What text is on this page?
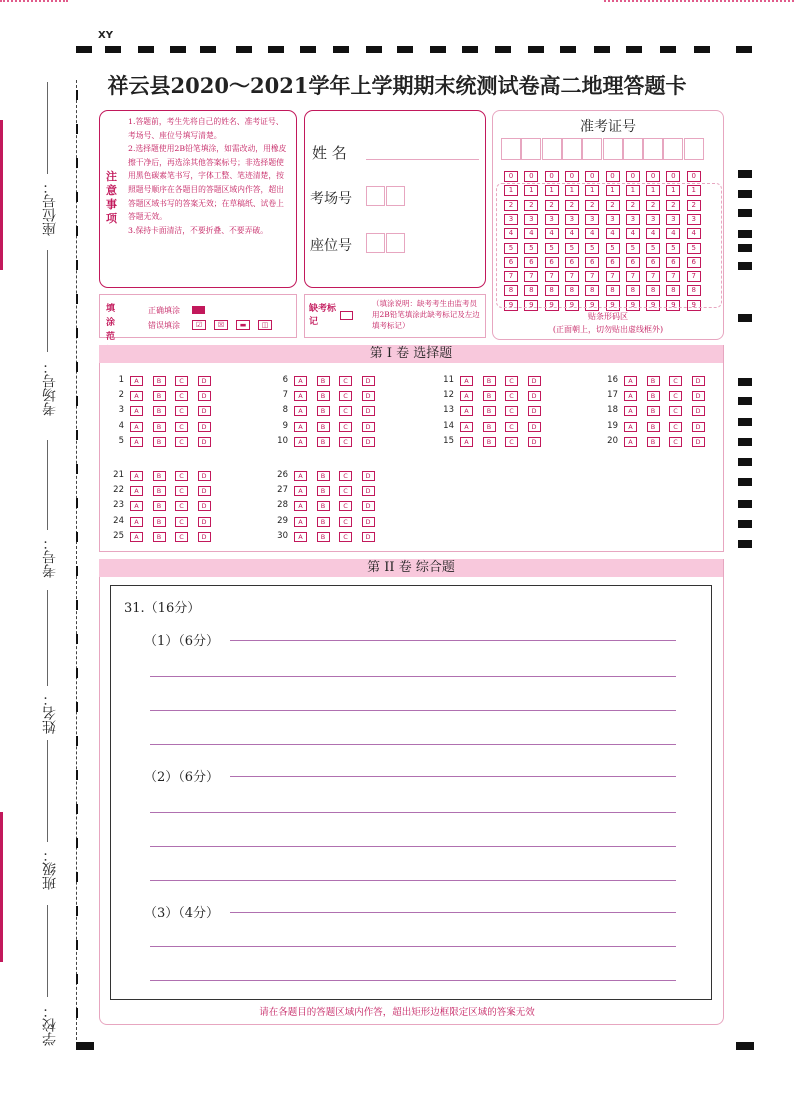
XY
祥云县2020～2021学年上学期期末统测试卷高二地理答题卡
座位号：
考场号：
考号：
姓名：
班级：
学校：
注意事项
1.答题前，考生先将自己的姓名、准考证号、考场号、座位号填写清楚。
2.选择题使用2B铅笔填涂，如需改动，用橡皮擦干净后，再选涂其他答案标号；非选择题使用黑色碳素笔书写，字体工整、笔迹清楚，按照题号顺序在各题目的答题区域内作答，超出答题区域书写的答案无效；在草稿纸、试卷上答题无效。
3.保持卡面清洁，不要折叠、不要弄破。
姓 名
考场号
座位号
准考证号
0	0	0	0	0	0	0	0	0	0
1	1	1	1	1	1	1	1	1	1
2	2	2	2	2	2	2	2	2	2
3	3	3	3	3	3	3	3	3	3
4	4	4	4	4	4	4	4	4	4
5	5	5	5	5	5	5	5	5	5
6	6	6	6	6	6	6	6	6	6
7	7	7	7	7	7	7	7	7	7
8	8	8	8	8	8	8	8	8	8
9	9	9	9	9	9	9	9	9	9
贴条形码区
(正面朝上，切勿贴出虚线框外)
填涂范
正确填涂
错误填涂	☑	☒	▬	◫
缺考标记
（填涂说明：缺考考生由监考员用2B铅笔填涂此缺考标记及左边填考标记）
第 I 卷 选择题
1	A	B	C	D
2	A	B	C	D
3	A	B	C	D
4	A	B	C	D
5	A	B	C	D
6	A	B	C	D
7	A	B	C	D
8	A	B	C	D
9	A	B	C	D
10	A	B	C	D
11	A	B	C	D
12	A	B	C	D
13	A	B	C	D
14	A	B	C	D
15	A	B	C	D
16	A	B	C	D
17	A	B	C	D
18	A	B	C	D
19	A	B	C	D
20	A	B	C	D
21	A	B	C	D
22	A	B	C	D
23	A	B	C	D
24	A	B	C	D
25	A	B	C	D
26	A	B	C	D
27	A	B	C	D
28	A	B	C	D
29	A	B	C	D
30	A	B	C	D
第 II 卷 综合题
31.（16分）
（1）（6分）
（2）（6分）
（3）（4分）
请在各题目的答题区域内作答，超出矩形边框限定区域的答案无效
